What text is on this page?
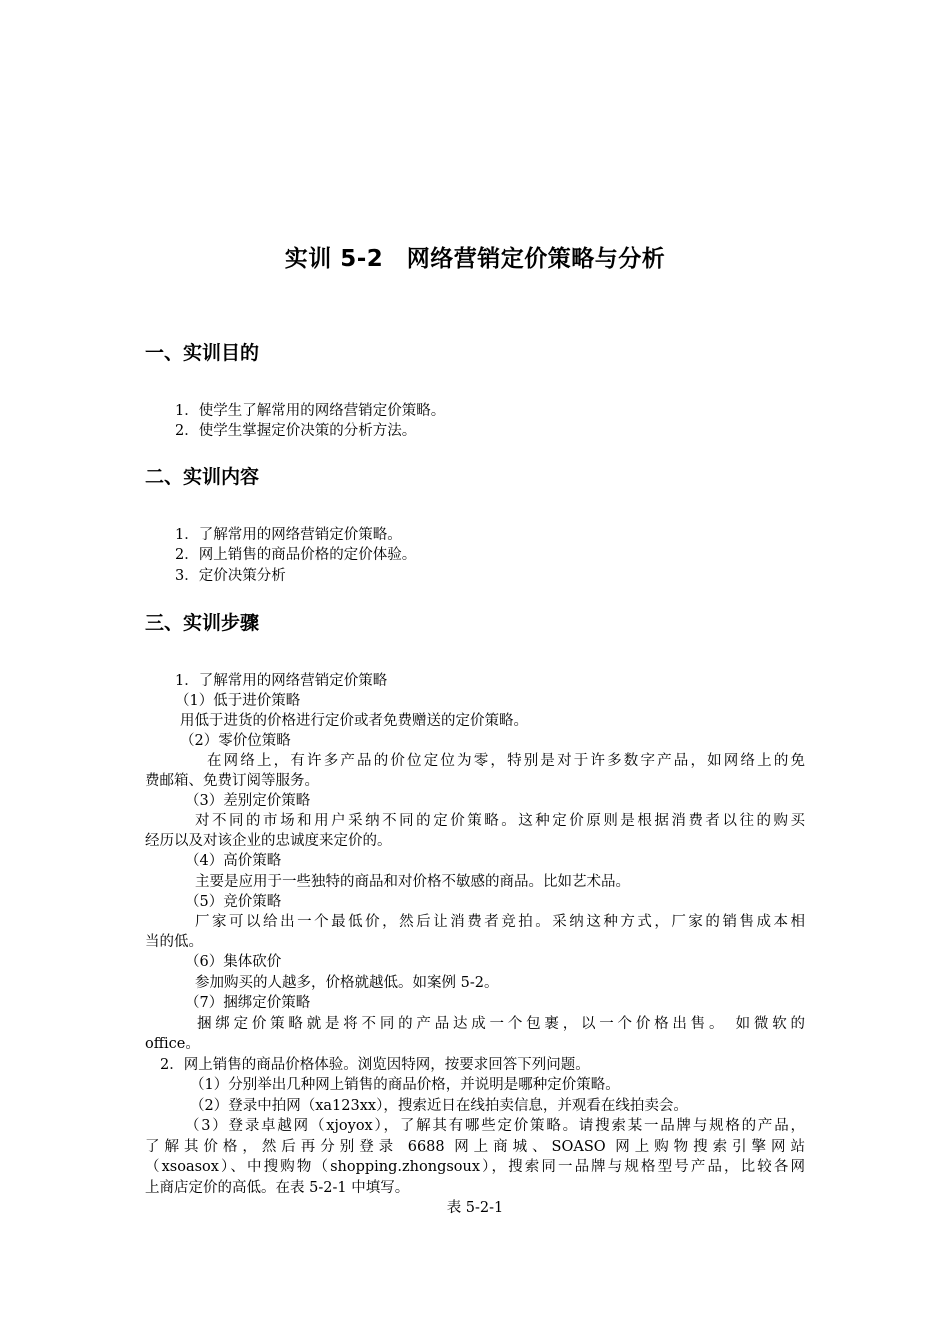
实训 5-2　网络营销定价策略与分析
一、实训目的
1．使学生了解常用的网络营销定价策略。
2．使学生掌握定价决策的分析方法。
二、实训内容
1．了解常用的网络营销定价策略。
2．网上销售的商品价格的定价体验。
3．定价决策分析
三、实训步骤
1．了解常用的网络营销定价策略
（1）低于进价策略
用低于进货的价格进行定价或者免费赠送的定价策略。
（2）零价位策略
在网络上，有许多产品的价位定位为零，特别是对于许多数字产品，如网络上的免
费邮箱、免费订阅等服务。
（3）差别定价策略
对不同的市场和用户采纳不同的定价策略。这种定价原则是根据消费者以往的购买
经历以及对该企业的忠诚度来定价的。
（4）高价策略
主要是应用于一些独特的商品和对价格不敏感的商品。比如艺术品。
（5）竞价策略
厂家可以给出一个最低价，然后让消费者竞拍。采纳这种方式，厂家的销售成本相
当的低。
（6）集体砍价
参加购买的人越多，价格就越低。如案例 5-2。
（7）捆绑定价策略
捆绑定价策略就是将不同的产品达成一个包裹，以一个价格出售。 如微软的
office。
2．网上销售的商品价格体验。浏览因特网，按要求回答下列问题。
（1）分别举出几种网上销售的商品价格，并说明是哪种定价策略。
（2）登录中拍网（xa123xx），搜索近日在线拍卖信息，并观看在线拍卖会。
（3）登录卓越网（xjoyox），了解其有哪些定价策略。请搜索某一品牌与规格的产品，
了解其价格，然后再分别登录 6688 网上商城、SOASO 网上购物搜索引擎网站
（xsoasox）、中搜购物（shopping.zhongsoux），搜索同一品牌与规格型号产品，比较各网
上商店定价的高低。在表 5-2-1 中填写。
表 5-2-1
